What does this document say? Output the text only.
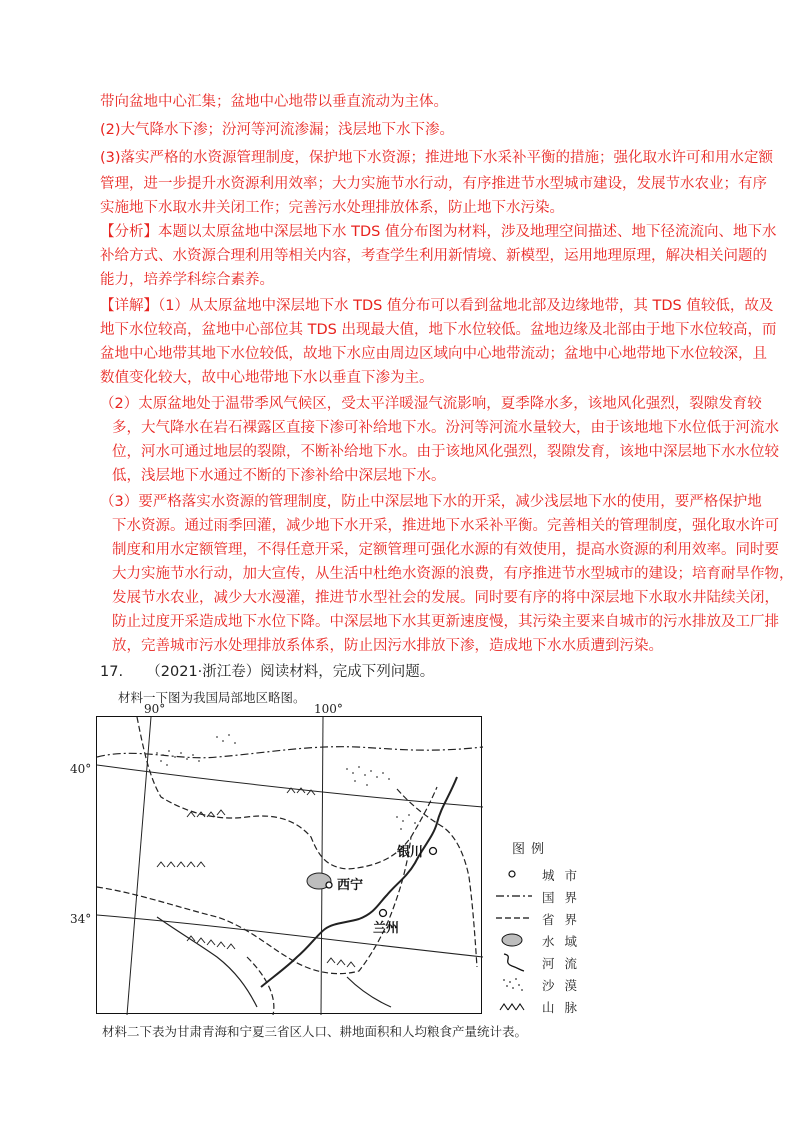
带向盆地中心汇集；盆地中心地带以垂直流动为主体。
(2)大气降水下渗；汾河等河流渗漏；浅层地下水下渗。
(3)落实严格的水资源管理制度，保护地下水资源；推进地下水采补平衡的措施；强化取水许可和用水定额
管理，进一步提升水资源利用效率；大力实施节水行动，有序推进节水型城市建设，发展节水农业；有序
实施地下水取水井关闭工作；完善污水处理排放体系，防止地下水污染。
【分析】本题以太原盆地中深层地下水 TDS 值分布图为材料，涉及地理空间描述、地下径流流向、地下水
补给方式、水资源合理利用等相关内容，考查学生利用新情境、新模型，运用地理原理，解决相关问题的
能力，培养学科综合素养。
【详解】（1）从太原盆地中深层地下水 TDS 值分布可以看到盆地北部及边缘地带，其 TDS 值较低，故及
地下水位较高，盆地中心部位其 TDS 出现最大值，地下水位较低。盆地边缘及北部由于地下水位较高，而
盆地中心地带其地下水位较低，故地下水应由周边区域向中心地带流动；盆地中心地带地下水位较深，且
数值变化较大，故中心地带地下水以垂直下渗为主。
（2）太原盆地处于温带季风气候区，受太平洋暖湿气流影响，夏季降水多，该地风化强烈，裂隙发育较
多，大气降水在岩石裸露区直接下渗可补给地下水。汾河等河流水量较大，由于该地地下水位低于河流水
位，河水可通过地层的裂隙，不断补给地下水。由于该地风化强烈，裂隙发育，该地中深层地下水水位较
低，浅层地下水通过不断的下渗补给中深层地下水。
（3）要严格落实水资源的管理制度，防止中深层地下水的开采，减少浅层地下水的使用，要严格保护地
下水资源。通过雨季回灌，减少地下水开采，推进地下水采补平衡。完善相关的管理制度，强化取水许可
制度和用水定额管理，不得任意开采，定额管理可强化水源的有效使用，提高水资源的利用效率。同时要
大力实施节水行动，加大宣传，从生活中杜绝水资源的浪费，有序推进节水型城市的建设；培育耐旱作物，
发展节水农业，减少大水漫灌，推进节水型社会的发展。同时要有序的将中深层地下水取水井陆续关闭，
防止过度开采造成地下水位下降。中深层地下水其更新速度慢，其污染主要来自城市的污水排放及工厂排
放，完善城市污水处理排放系体系，防止因污水排放下渗，造成地下水水质遭到污染。
17. （2021·浙江卷）阅读材料，完成下列问题。
材料一下图为我国局部地区略图。
90°	100°
40°
34°
银川
西宁
兰州
图例
城市
国界
省界
水域
河流
沙漠
山脉
材料二下表为甘肃青海和宁夏三省区人口、耕地面积和人均粮食产量统计表。
